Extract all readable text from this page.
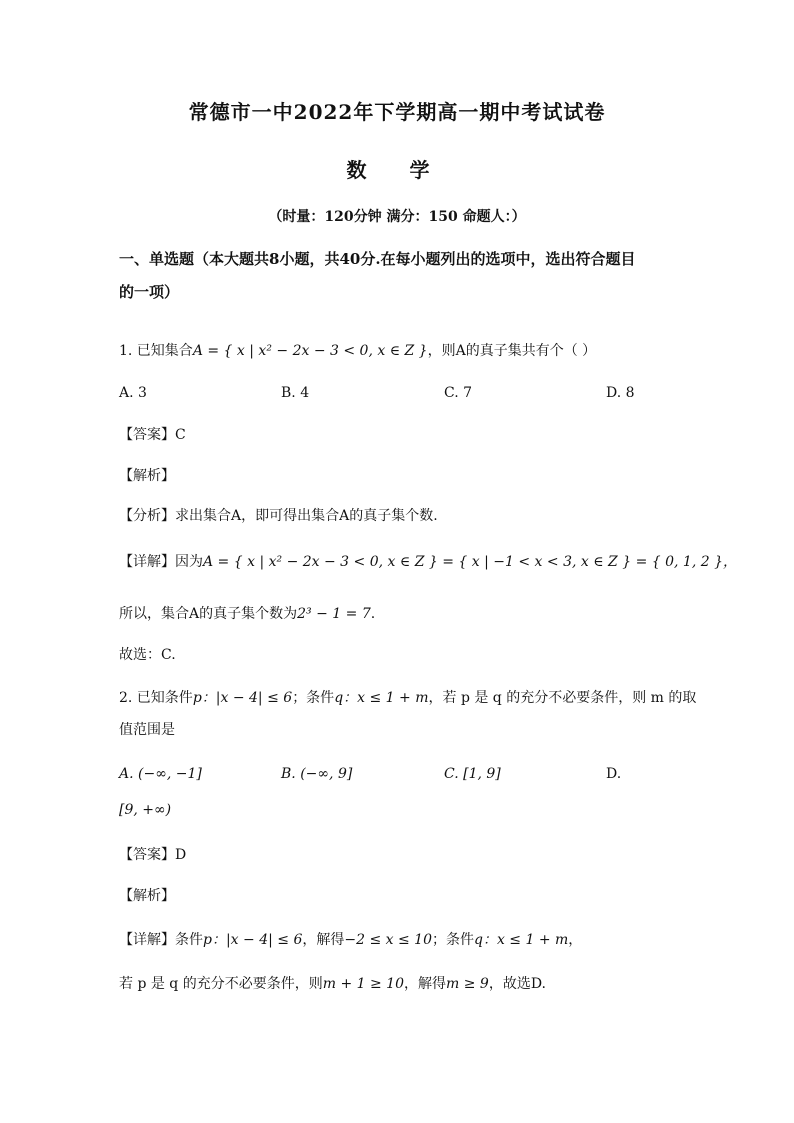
常德市一中2022年下学期高一期中考试试卷
数 学
（时量：120分钟 满分：150 命题人：）
一、单选题（本大题共8小题，共40分.在每小题列出的选项中，选出符合题目
的一项）
1. 已知集合A = { x | x² − 2x − 3 < 0, x ∈ Z }，则A的真子集共有个（ ）
A. 3	B. 4	C. 7	D. 8
【答案】C
【解析】
【分析】求出集合A，即可得出集合A的真子集个数.
【详解】因为A = { x | x² − 2x − 3 < 0, x ∈ Z } = { x | −1 < x < 3, x ∈ Z } = { 0, 1, 2 }，
所以，集合A的真子集个数为2³ − 1 = 7.
故选：C.
2. 已知条件p：|x − 4| ≤ 6；条件q：x ≤ 1 + m，若 p 是 q 的充分不必要条件，则 m 的取
值范围是
A. (−∞, −1]	B. (−∞, 9]	C. [1, 9]	D.
[9, +∞)
【答案】D
【解析】
【详解】条件p：|x − 4| ≤ 6，解得−2 ≤ x ≤ 10；条件q：x ≤ 1 + m，
若 p 是 q 的充分不必要条件，则m + 1 ≥ 10，解得m ≥ 9，故选D.
